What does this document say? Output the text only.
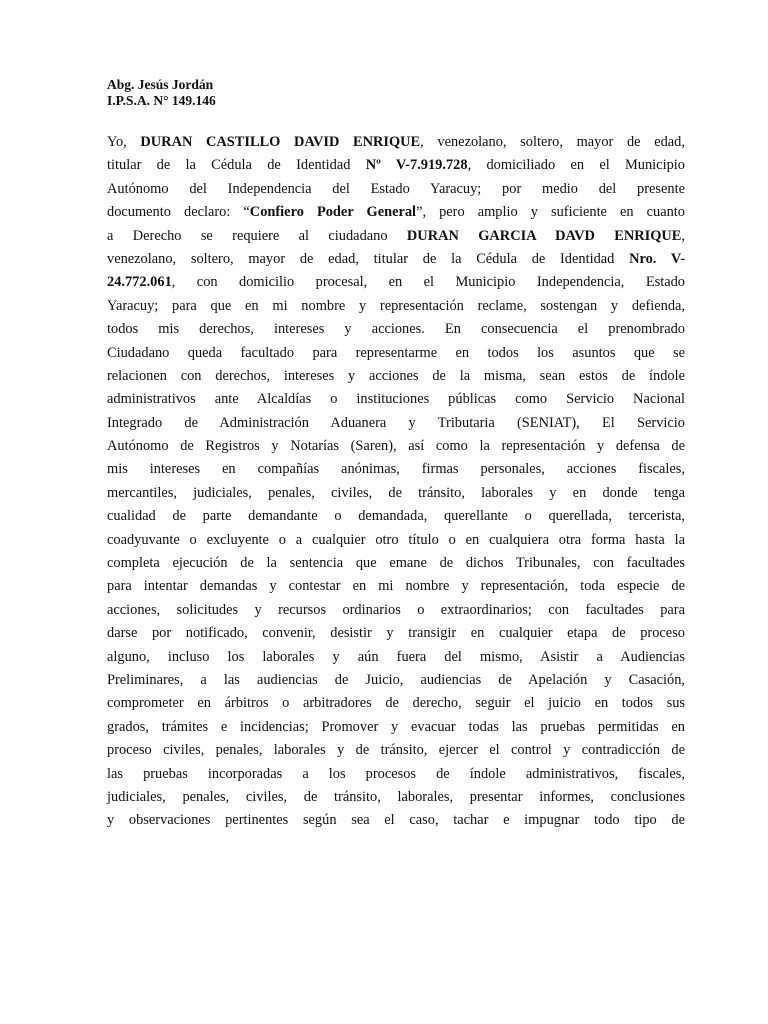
Abg. Jesús Jordán
I.P.S.A. N° 149.146
Yo, DURAN CASTILLO DAVID ENRIQUE, venezolano, soltero, mayor de edad,
titular de la Cédula de Identidad Nº V-7.919.728, domiciliado en el Municipio
Autónomo del Independencia del Estado Yaracuy; por medio del presente
documento declaro: “Confiero Poder General”, pero amplio y suficiente en cuanto
a Derecho se requiere al ciudadano DURAN GARCIA DAVD ENRIQUE,
venezolano, soltero, mayor de edad, titular de la Cédula de Identidad Nro. V-
24.772.061, con domicilio procesal, en el Municipio Independencia, Estado
Yaracuy; para que en mi nombre y representación reclame, sostengan y defienda,
todos mis derechos, intereses y acciones. En consecuencia el prenombrado
Ciudadano queda facultado para representarme en todos los asuntos que se
relacionen con derechos, intereses y acciones de la misma, sean estos de índole
administrativos ante Alcaldías o instituciones públicas como Servicio Nacional
Integrado de Administración Aduanera y Tributaria (SENIAT), El Servicio
Autónomo de Registros y Notarías (Saren), así como la representación y defensa de
mis intereses en compañías anónimas, firmas personales, acciones fiscales,
mercantiles, judiciales, penales, civiles, de tránsito, laborales y en donde tenga
cualidad de parte demandante o demandada, querellante o querellada, tercerista,
coadyuvante o excluyente o a cualquier otro título o en cualquiera otra forma hasta la
completa ejecución de la sentencia que emane de dichos Tribunales, con facultades
para intentar demandas y contestar en mi nombre y representación, toda especie de
acciones, solicitudes y recursos ordinarios o extraordinarios; con facultades para
darse por notificado, convenir, desistir y transigir en cualquier etapa de proceso
alguno, incluso los laborales y aún fuera del mismo, Asistir a Audiencias
Preliminares, a las audiencias de Juicio, audiencias de Apelación y Casación,
comprometer en árbitros o arbitradores de derecho, seguir el juicio en todos sus
grados, trámites e incidencias; Promover y evacuar todas las pruebas permitidas en
proceso civiles, penales, laborales y de tránsito, ejercer el control y contradicción de
las pruebas incorporadas a los procesos de índole administrativos, fiscales,
judiciales, penales, civiles, de tránsito, laborales, presentar informes, conclusiones
y observaciones pertinentes según sea el caso, tachar e impugnar todo tipo de
